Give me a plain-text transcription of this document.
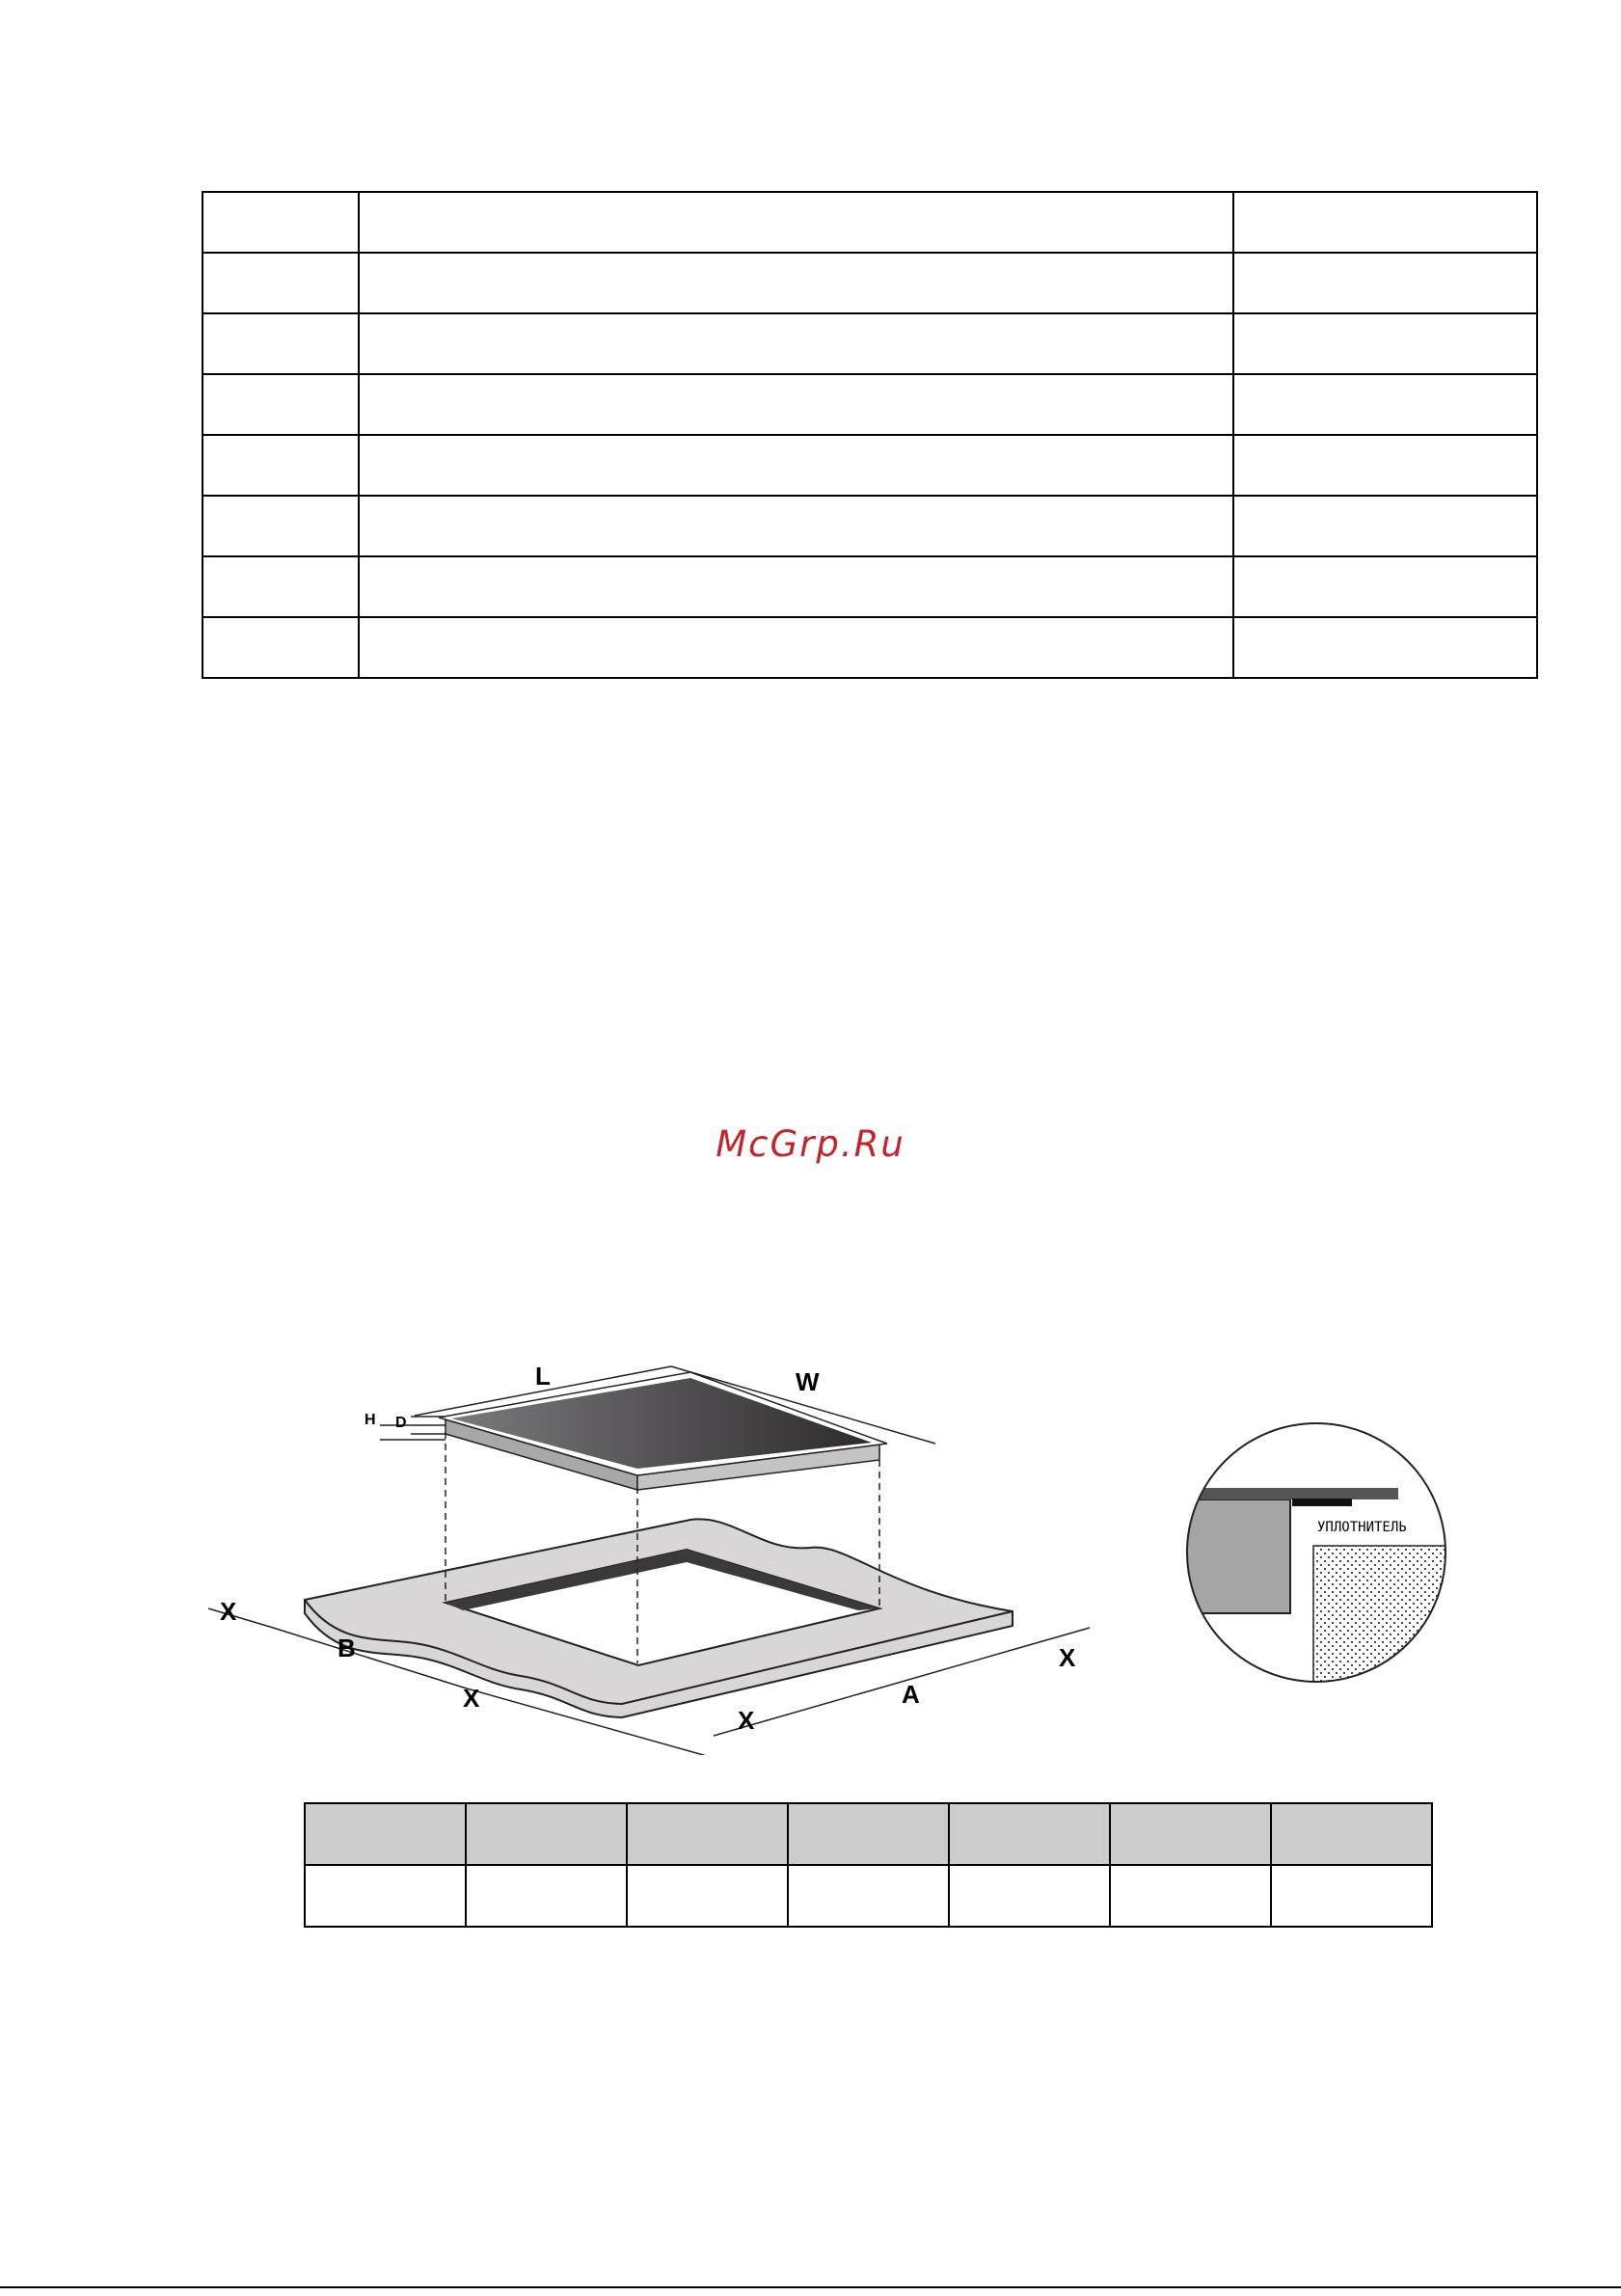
McGrp.Ru
L	W
H D
X
B
X
X
A
X
УПЛОТНИТЕЛЬ
